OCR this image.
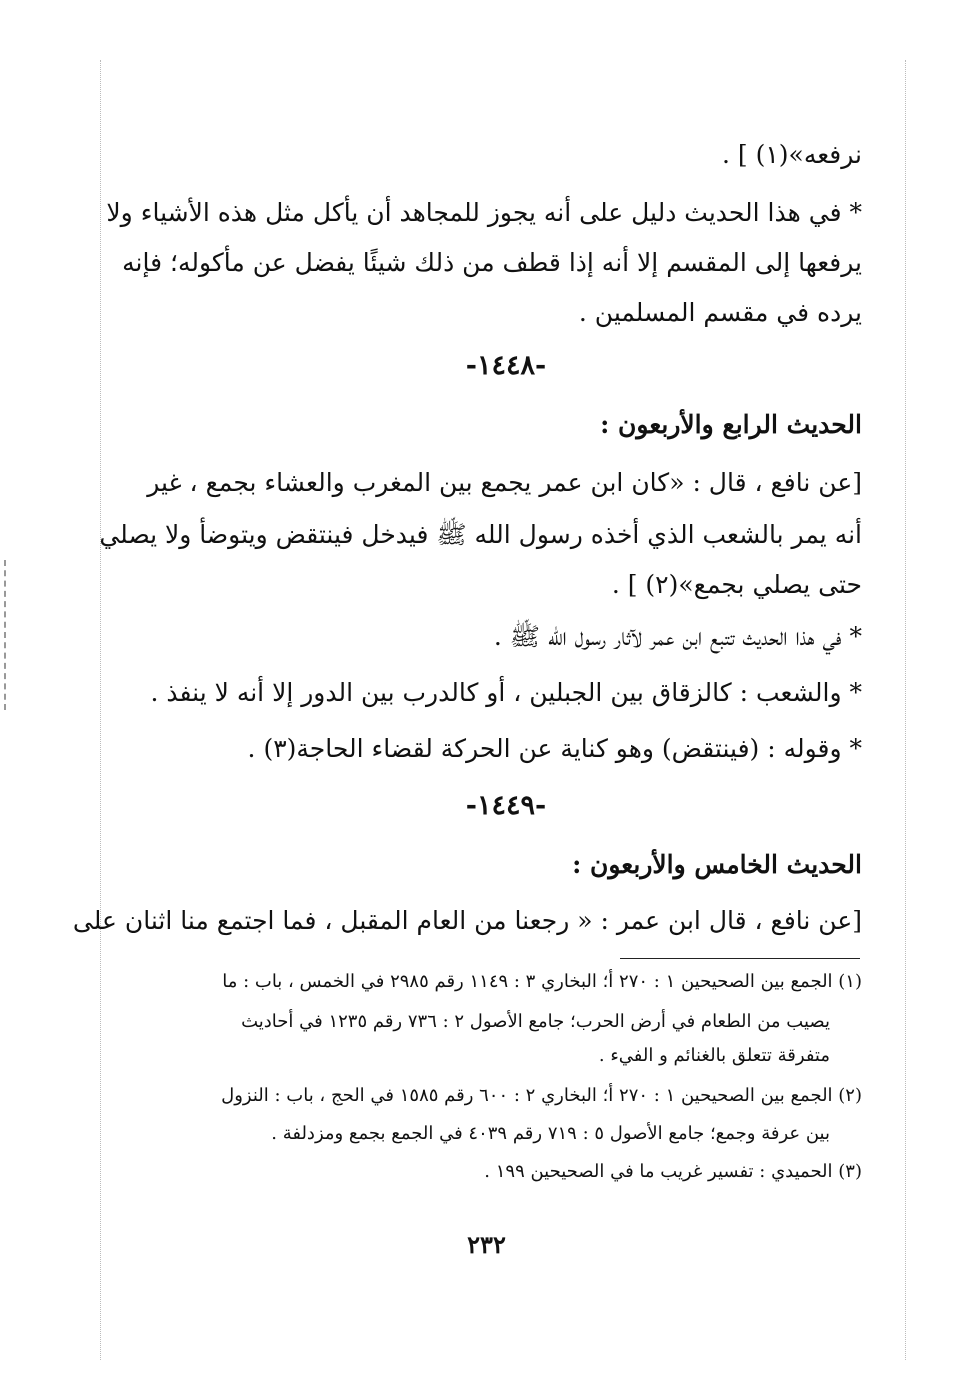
نرفعه»(١) ] .
* في هذا الحديث دليل على أنه يجوز للمجاهد أن يأكل مثل هذه الأشياء ولا
يرفعها إلى المقسم إلا أنه إذا قطف من ذلك شيئًا يفضل عن مأكوله؛ فإنه
يرده في مقسم المسلمين .
-١٤٤٨-
الحديث الرابع والأربعون :
[عن نافع ، قال : «كان ابن عمر يجمع بين المغرب والعشاء بجمع ، غير
أنه يمر بالشعب الذي أخذه رسول الله ﷺ فيدخل فينتقض ويتوضأ ولا يصلي
حتى يصلي بجمع»(٢) ] .
* في هذا الحديث تتبع ابن عمر لآثار رسول الله ﷺ .
* والشعب : كالزقاق بين الجبلين ، أو كالدرب بين الدور إلا أنه لا ينفذ .
* وقوله : (فينتقض) وهو كناية عن الحركة لقضاء الحاجة(٣) .
-١٤٤٩-
الحديث الخامس والأربعون :
[عن نافع ، قال ابن عمر : « رجعنا من العام المقبل ، فما اجتمع منا اثنان على
(١) الجمع بين الصحيحين ١ : ٢٧٠ أ؛ البخاري ٣ : ١١٤٩ رقم ٢٩٨٥ في الخمس ، باب : ما
يصيب من الطعام في أرض الحرب؛ جامع الأصول ٢ : ٧٣٦ رقم ١٢٣٥ في أحاديث
متفرقة تتعلق بالغنائم و الفيء .
(٢) الجمع بين الصحيحين ١ : ٢٧٠ أ؛ البخاري ٢ : ٦٠٠ رقم ١٥٨٥ في الحج ، باب : النزول
بين عرفة وجمع؛ جامع الأصول ٥ : ٧١٩ رقم ٤٠٣٩ في الجمع بجمع ومزدلفة .
(٣) الحميدي : تفسير غريب ما في الصحيحين ١٩٩ .
٢٣٢
